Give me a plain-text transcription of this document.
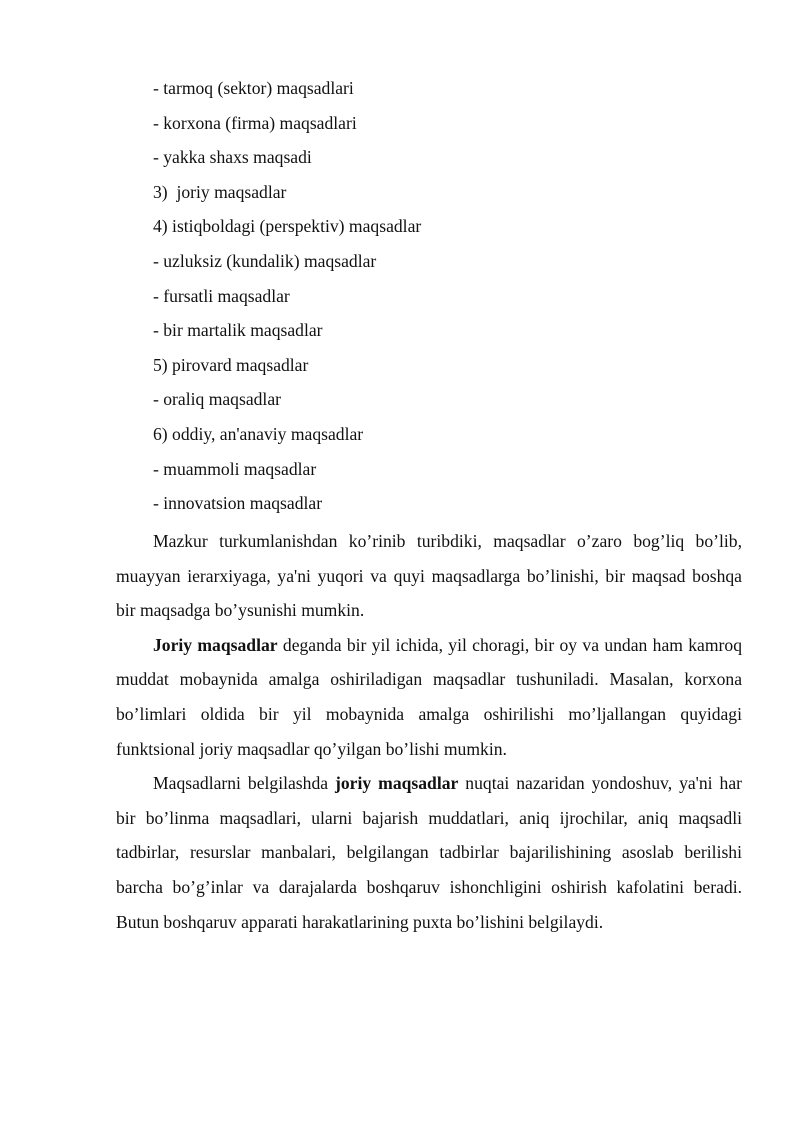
- tarmoq (sektor) maqsadlari
- korxona (firma) maqsadlari
- yakka shaxs maqsadi
3)  joriy maqsadlar
4) istiqboldagi (perspektiv) maqsadlar
- uzluksiz (kundalik) maqsadlar
- fursatli maqsadlar
- bir martalik maqsadlar
5) pirovard maqsadlar
- oraliq maqsadlar
6) oddiy, an'anaviy maqsadlar
- muammoli maqsadlar
- innovatsion maqsadlar

Mazkur turkumlanishdan ko’rinib turibdiki, maqsadlar o’zaro bog’liq bo’lib, muayyan ierarxiyaga, ya'ni yuqori va quyi maqsadlarga bo’linishi, bir maqsad boshqa bir maqsadga bo’ysunishi mumkin.

Joriy maqsadlar deganda bir yil ichida, yil choragi, bir oy va undan ham kamroq muddat mobaynida amalga oshiriladigan maqsadlar tushuniladi. Masalan, korxona bo’limlari oldida bir yil mobaynida amalga oshirilishi mo’ljallangan quyidagi funktsional joriy maqsadlar qo’yilgan bo’lishi mumkin.

Maqsadlarni belgilashda joriy maqsadlar nuqtai nazaridan yondoshuv, ya'ni har bir bo’linma maqsadlari, ularni bajarish muddatlari, aniq ijrochilar, aniq maqsadli tadbirlar, resurslar manbalari, belgilangan tadbirlar bajarilishining asoslab berilishi barcha bo’g’inlar va darajalarda boshqaruv ishonchligini oshirish kafolatini beradi. Butun boshqaruv apparati harakatlarining puxta bo’lishini belgilaydi.
